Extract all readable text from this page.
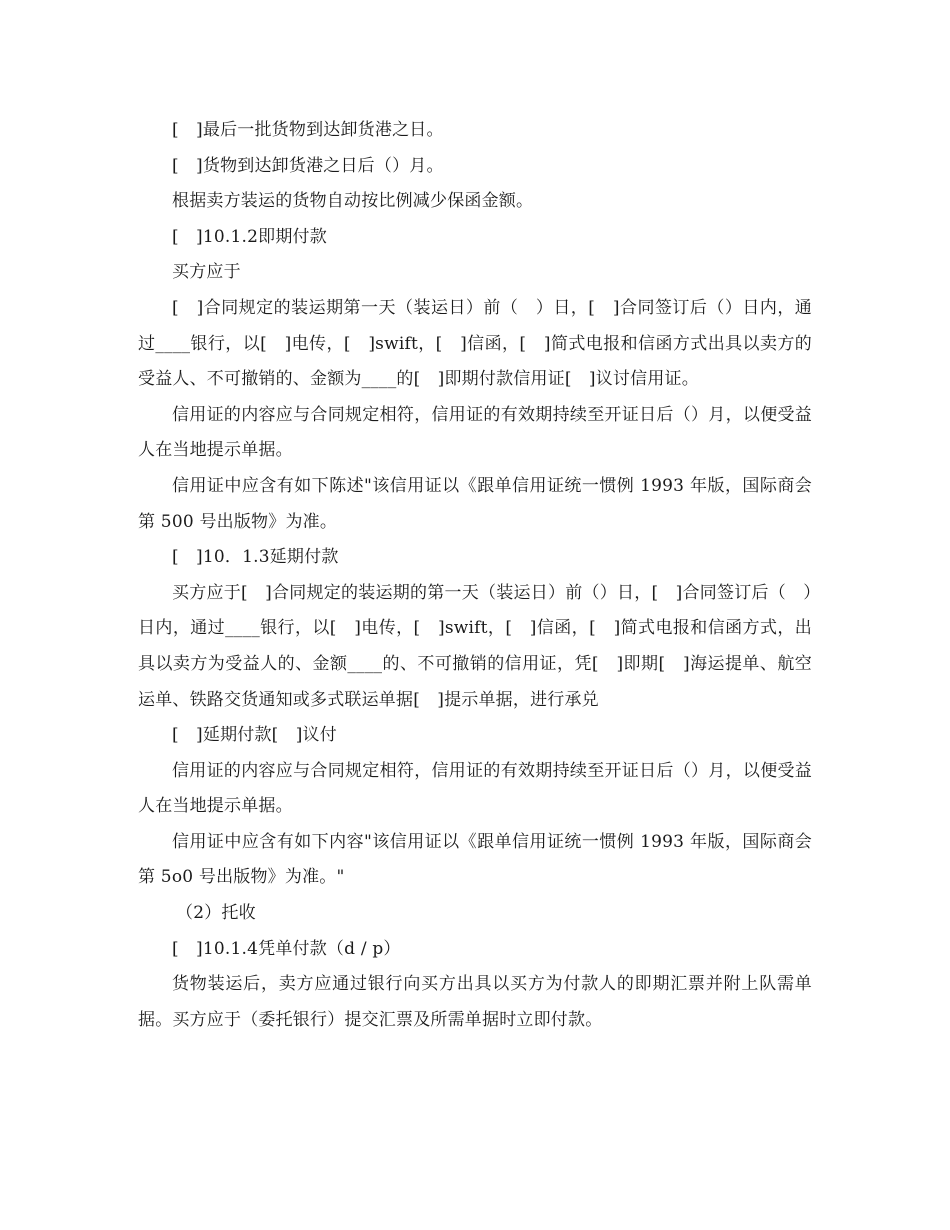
[　]最后一批货物到达卸货港之日。

[　]货物到达卸货港之日后（）月。

根据卖方装运的货物自动按比例减少保函金额。

[　]10.1.2即期付款

买方应于

[　]合同规定的装运期第一天（装运日）前（　）日，[　]合同签订后（）日内，通过____银行，以[　]电传，[　]swift，[　]信函，[　]简式电报和信函方式出具以卖方的受益人、不可撤销的、金额为____的[　]即期付款信用证[　]议讨信用证。

信用证的内容应与合同规定相符，信用证的有效期持续至开证日后（）月，以便受益人在当地提示单据。

信用证中应含有如下陈述"该信用证以《跟单信用证统一惯例 1993 年版，国际商会第 500 号出版物》为准。

[　]10．1.3延期付款

买方应于[　]合同规定的装运期的第一天（装运日）前（）日，[　]合同签订后（　）日内，通过____银行，以[　]电传，[　]swift，[　]信函，[　]简式电报和信函方式，出具以卖方为受益人的、金额____的、不可撤销的信用证，凭[　]即期[　]海运提单、航空运单、铁路交货通知或多式联运单据[　]提示单据，进行承兑

[　]延期付款[　]议付

信用证的内容应与合同规定相符，信用证的有效期持续至开证日后（）月，以便受益人在当地提示单据。

信用证中应含有如下内容"该信用证以《跟单信用证统一惯例 1993 年版，国际商会第 5o0 号出版物》为准。"

（2）托收

[　]10.1.4凭单付款（d / p）

货物装运后，卖方应通过银行向买方出具以买方为付款人的即期汇票并附上队需单据。买方应于（委托银行）提交汇票及所需单据时立即付款。
